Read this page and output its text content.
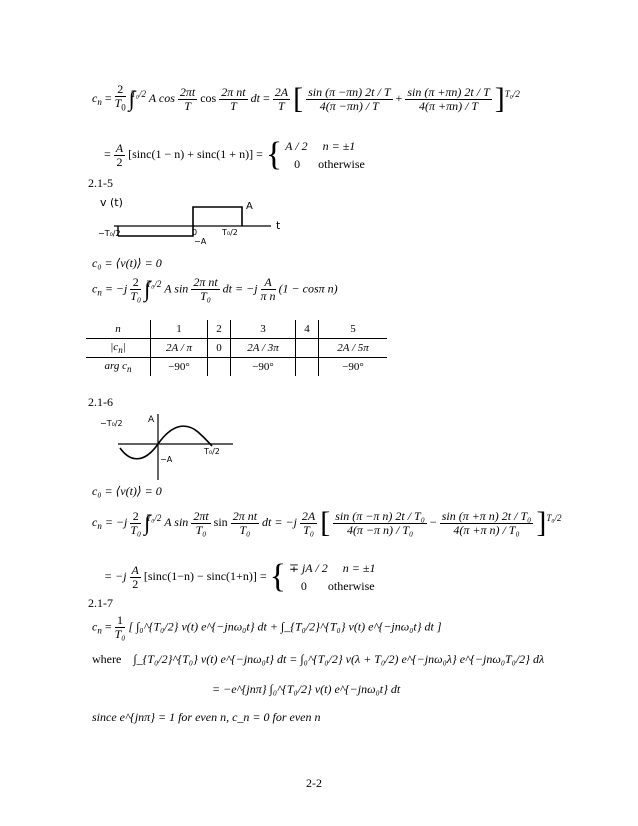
$c_n = \frac{2}{T_0} \int^{T_0/2}$ A $\cos \frac{2\pi t}{T}$ $\cos \frac{\text{2π nt}}{T}$ dt = $\frac{2A}{T}$ [ $\frac{\sin (\pi -\pi n) 2t / T}{4(\pi -\pi n) / T} + \frac{\sin (\pi +\pi n) 2t / T}{4(\pi +\pi n) / T} ]^{T_0/2}$
= $\frac{A}{2} [\sin c(1 - n) + \sin c(1 + n)]$ = { A / 2 n = ±1
0 otherwise
2.1-5
v (t)	A
t
−T₀/2	0
−A
T₀/2
c₀ = ⟨v(t)⟩ = 0
$c_n = -j \frac{2}{\text{T₀}} \int^{T_0/2}$ A $\sin \frac{\text{2π nt}}{\text{T₀}}$ dt = $-j \frac{A}{\text{π n}} (1 - \cos\pi$ n)
n	1	2	3	4	5
$|c_n|$	2A / π	0	2A / 3π		2A / 5π
arg $c_n$	−90°		−90°		−90°
2.1-6
−T₀/2	A
−A
T₀/2
c₀ = ⟨v(t)⟩ = 0
$c_n = -j \frac{2}{\text{T₀}} \int^{T_0/2}$ A $\sin \frac{2\pi t}{\text{T₀}}$ $\sin \frac{\text{2π nt}}{\text{T₀}}$ dt = $-j \frac{2A}{\text{T₀}}$ [ $\frac{\text{sin (π −π n) 2t / T₀}}{\text{4(π −π n) / T₀}} - \frac{\text{sin (π +π n) 2t / T₀}}{\text{4(π +π n) / T₀}} ]^{T_0/2}$
= $-j \frac{A}{2} [\sin c(1-n) - \sin c(1+n)]$ = { ∓ jA / 2 n = ±1
0 otherwise
2.1-7
$c_n = \frac{1}{\text{T₀}}$ [ ∫₀^{T₀/2} v(t) e^{−jnω₀t} dt + ∫_{T₀/2}^{T₀} v(t) e^{−jnω₀t} dt ]
where ∫_{T₀/2}^{T₀} v(t) e^{−jnω₀t} dt = ∫₀^{T₀/2} v(λ + T₀/2) e^{−jnω₀λ} e^{−jnω₀T₀/2} dλ
= −e^{jnπ} ∫₀^{T₀/2} v(t) e^{−jnω₀t} dt
since e^{jnπ} = 1 for even n, c_n = 0 for even n
2-2
